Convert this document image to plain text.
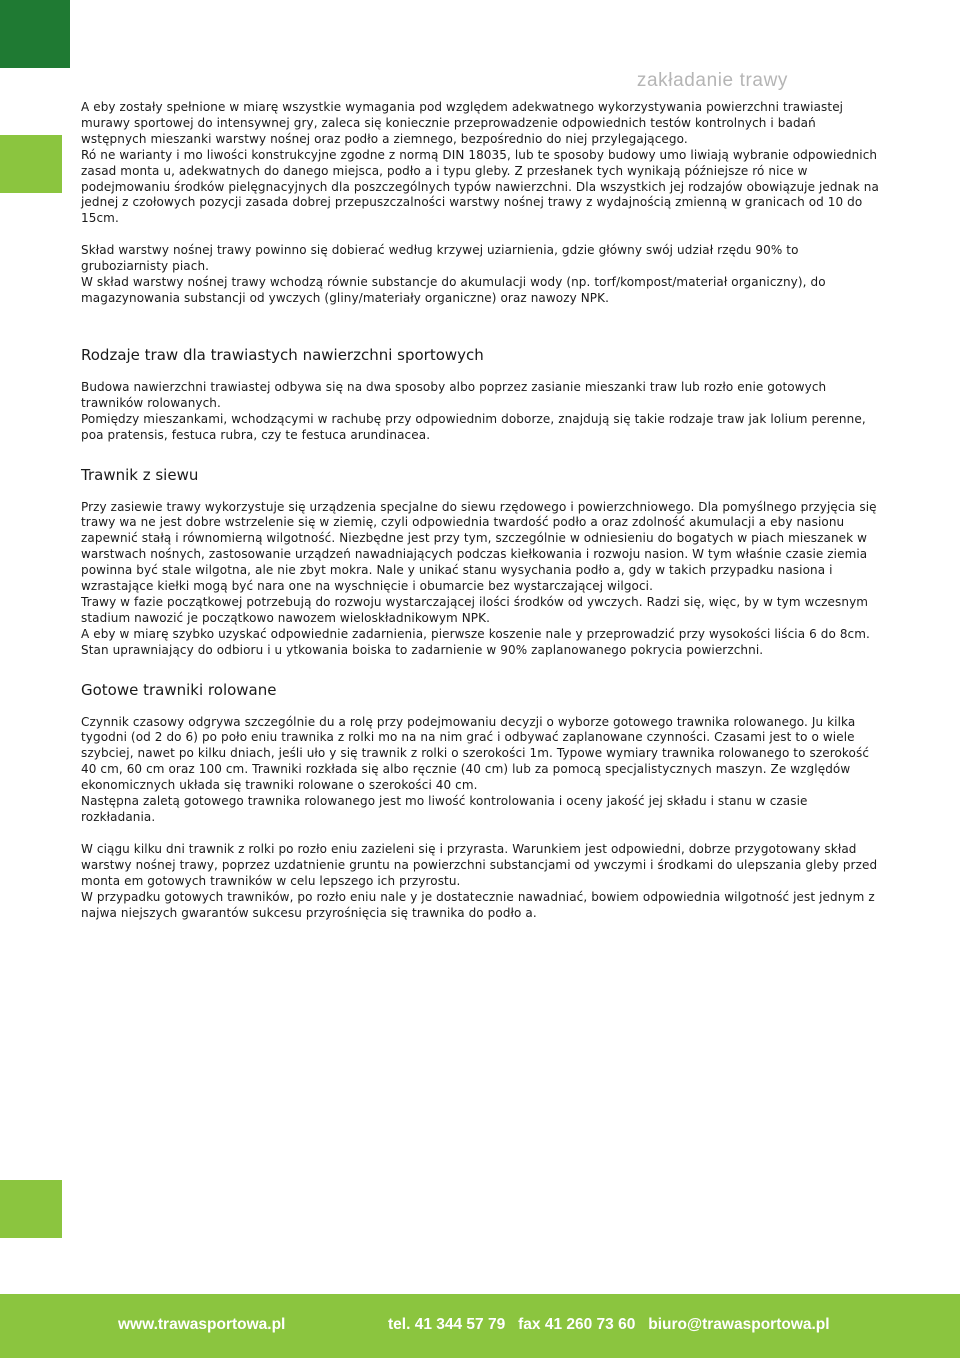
zakładanie trawy

A eby zostały spełnione w miarę wszystkie wymagania pod względem adekwatnego wykorzystywania powierzchni trawiastej murawy sportowej do intensywnej gry, zaleca się koniecznie przeprowadzenie odpowiednich testów kontrolnych i badań wstępnych mieszanki warstwy nośnej oraz podło a ziemnego, bezpośrednio do niej przylegającego.

Ró ne warianty i mo liwości konstrukcyjne zgodne z normą DIN 18035, lub te sposoby budowy umo liwiają wybranie odpowiednich zasad monta u, adekwatnych do danego miejsca, podło a i typu gleby. Z przesłanek tych wynikają późniejsze ró nice w podejmowaniu środków pielęgnacyjnych dla poszczególnych typów nawierzchni. Dla wszystkich jej rodzajów obowiązuje jednak na jednej z czołowych pozycji zasada dobrej przepuszczalności warstwy nośnej trawy z wydajnością zmienną w granicach od 10 do 15cm.

Skład warstwy nośnej trawy powinno się dobierać według krzywej uziarnienia, gdzie główny swój udział rzędu 90% to gruboziarnisty piach.

W skład warstwy nośnej trawy wchodzą równie substancje do akumulacji wody (np. torf/kompost/materiał organiczny), do magazynowania substancji od ywczych (gliny/materiały organiczne) oraz nawozy NPK.

Rodzaje traw dla trawiastych nawierzchni sportowych

Budowa nawierzchni trawiastej odbywa się na dwa sposoby albo poprzez zasianie mieszanki traw lub rozło enie gotowych trawników rolowanych.

Pomiędzy mieszankami, wchodzącymi w rachubę przy odpowiednim doborze, znajdują się takie rodzaje traw jak lolium perenne, poa pratensis, festuca rubra, czy te festuca arundinacea.

Trawnik z siewu

Przy zasiewie trawy wykorzystuje się urządzenia specjalne do siewu rzędowego i powierzchniowego. Dla pomyślnego przyjęcia się trawy wa ne jest dobre wstrzelenie się w ziemię, czyli odpowiednia twardość podło a oraz zdolność akumulacji a eby nasionu zapewnić stałą i równomierną wilgotność. Niezbędne jest przy tym, szczególnie w odniesieniu do bogatych w piach mieszanek w warstwach nośnych, zastosowanie urządzeń nawadniających podczas kiełkowania i rozwoju nasion. W tym właśnie czasie ziemia powinna być stale wilgotna, ale nie zbyt mokra. Nale y unikać stanu wysychania podło a, gdy w takich przypadku nasiona i wzrastające kiełki mogą być nara one na wyschnięcie i obumarcie bez wystarczającej wilgoci.

Trawy w fazie początkowej potrzebują do rozwoju wystarczającej ilości środków od ywczych. Radzi się, więc, by w tym wczesnym stadium nawozić je początkowo nawozem wieloskładnikowym NPK.

A eby w miarę szybko uzyskać odpowiednie zadarnienia, pierwsze koszenie nale y przeprowadzić przy wysokości liścia 6 do 8cm.

Stan uprawniający do odbioru i u ytkowania boiska to zadarnienie w 90% zaplanowanego pokrycia powierzchni.

Gotowe trawniki rolowane

Czynnik czasowy odgrywa szczególnie du a rolę przy podejmowaniu decyzji o wyborze gotowego trawnika rolowanego. Ju kilka tygodni (od 2 do 6) po poło eniu trawnika z rolki mo na na nim grać i odbywać zaplanowane czynności. Czasami jest to o wiele szybciej, nawet po kilku dniach, jeśli uło y się trawnik z rolki o szerokości 1m. Typowe wymiary trawnika rolowanego to szerokość 40 cm, 60 cm oraz 100 cm. Trawniki rozkłada się albo ręcznie (40 cm) lub za pomocą specjalistycznych maszyn. Ze względów ekonomicznych układa się trawniki rolowane o szerokości 40 cm.

Następna zaletą gotowego trawnika rolowanego jest mo liwość kontrolowania i oceny jakość jej składu i stanu w czasie rozkładania.

W ciągu kilku dni trawnik z rolki po rozło eniu zazieleni się i przyrasta. Warunkiem jest odpowiedni, dobrze przygotowany skład warstwy nośnej trawy, poprzez uzdatnienie gruntu na powierzchni substancjami od ywczymi i środkami do ulepszania gleby przed monta em gotowych trawników w celu lepszego ich przyrostu.

W przypadku gotowych trawników, po rozło eniu nale y je dostatecznie nawadniać, bowiem odpowiednia wilgotność jest jednym z najwa niejszych gwarantów sukcesu przyrośnięcia się trawnika do podło a.

www.trawasportowa.pl	tel. 41 344 57 79   fax 41 260 73 60   biuro@trawasportowa.pl
